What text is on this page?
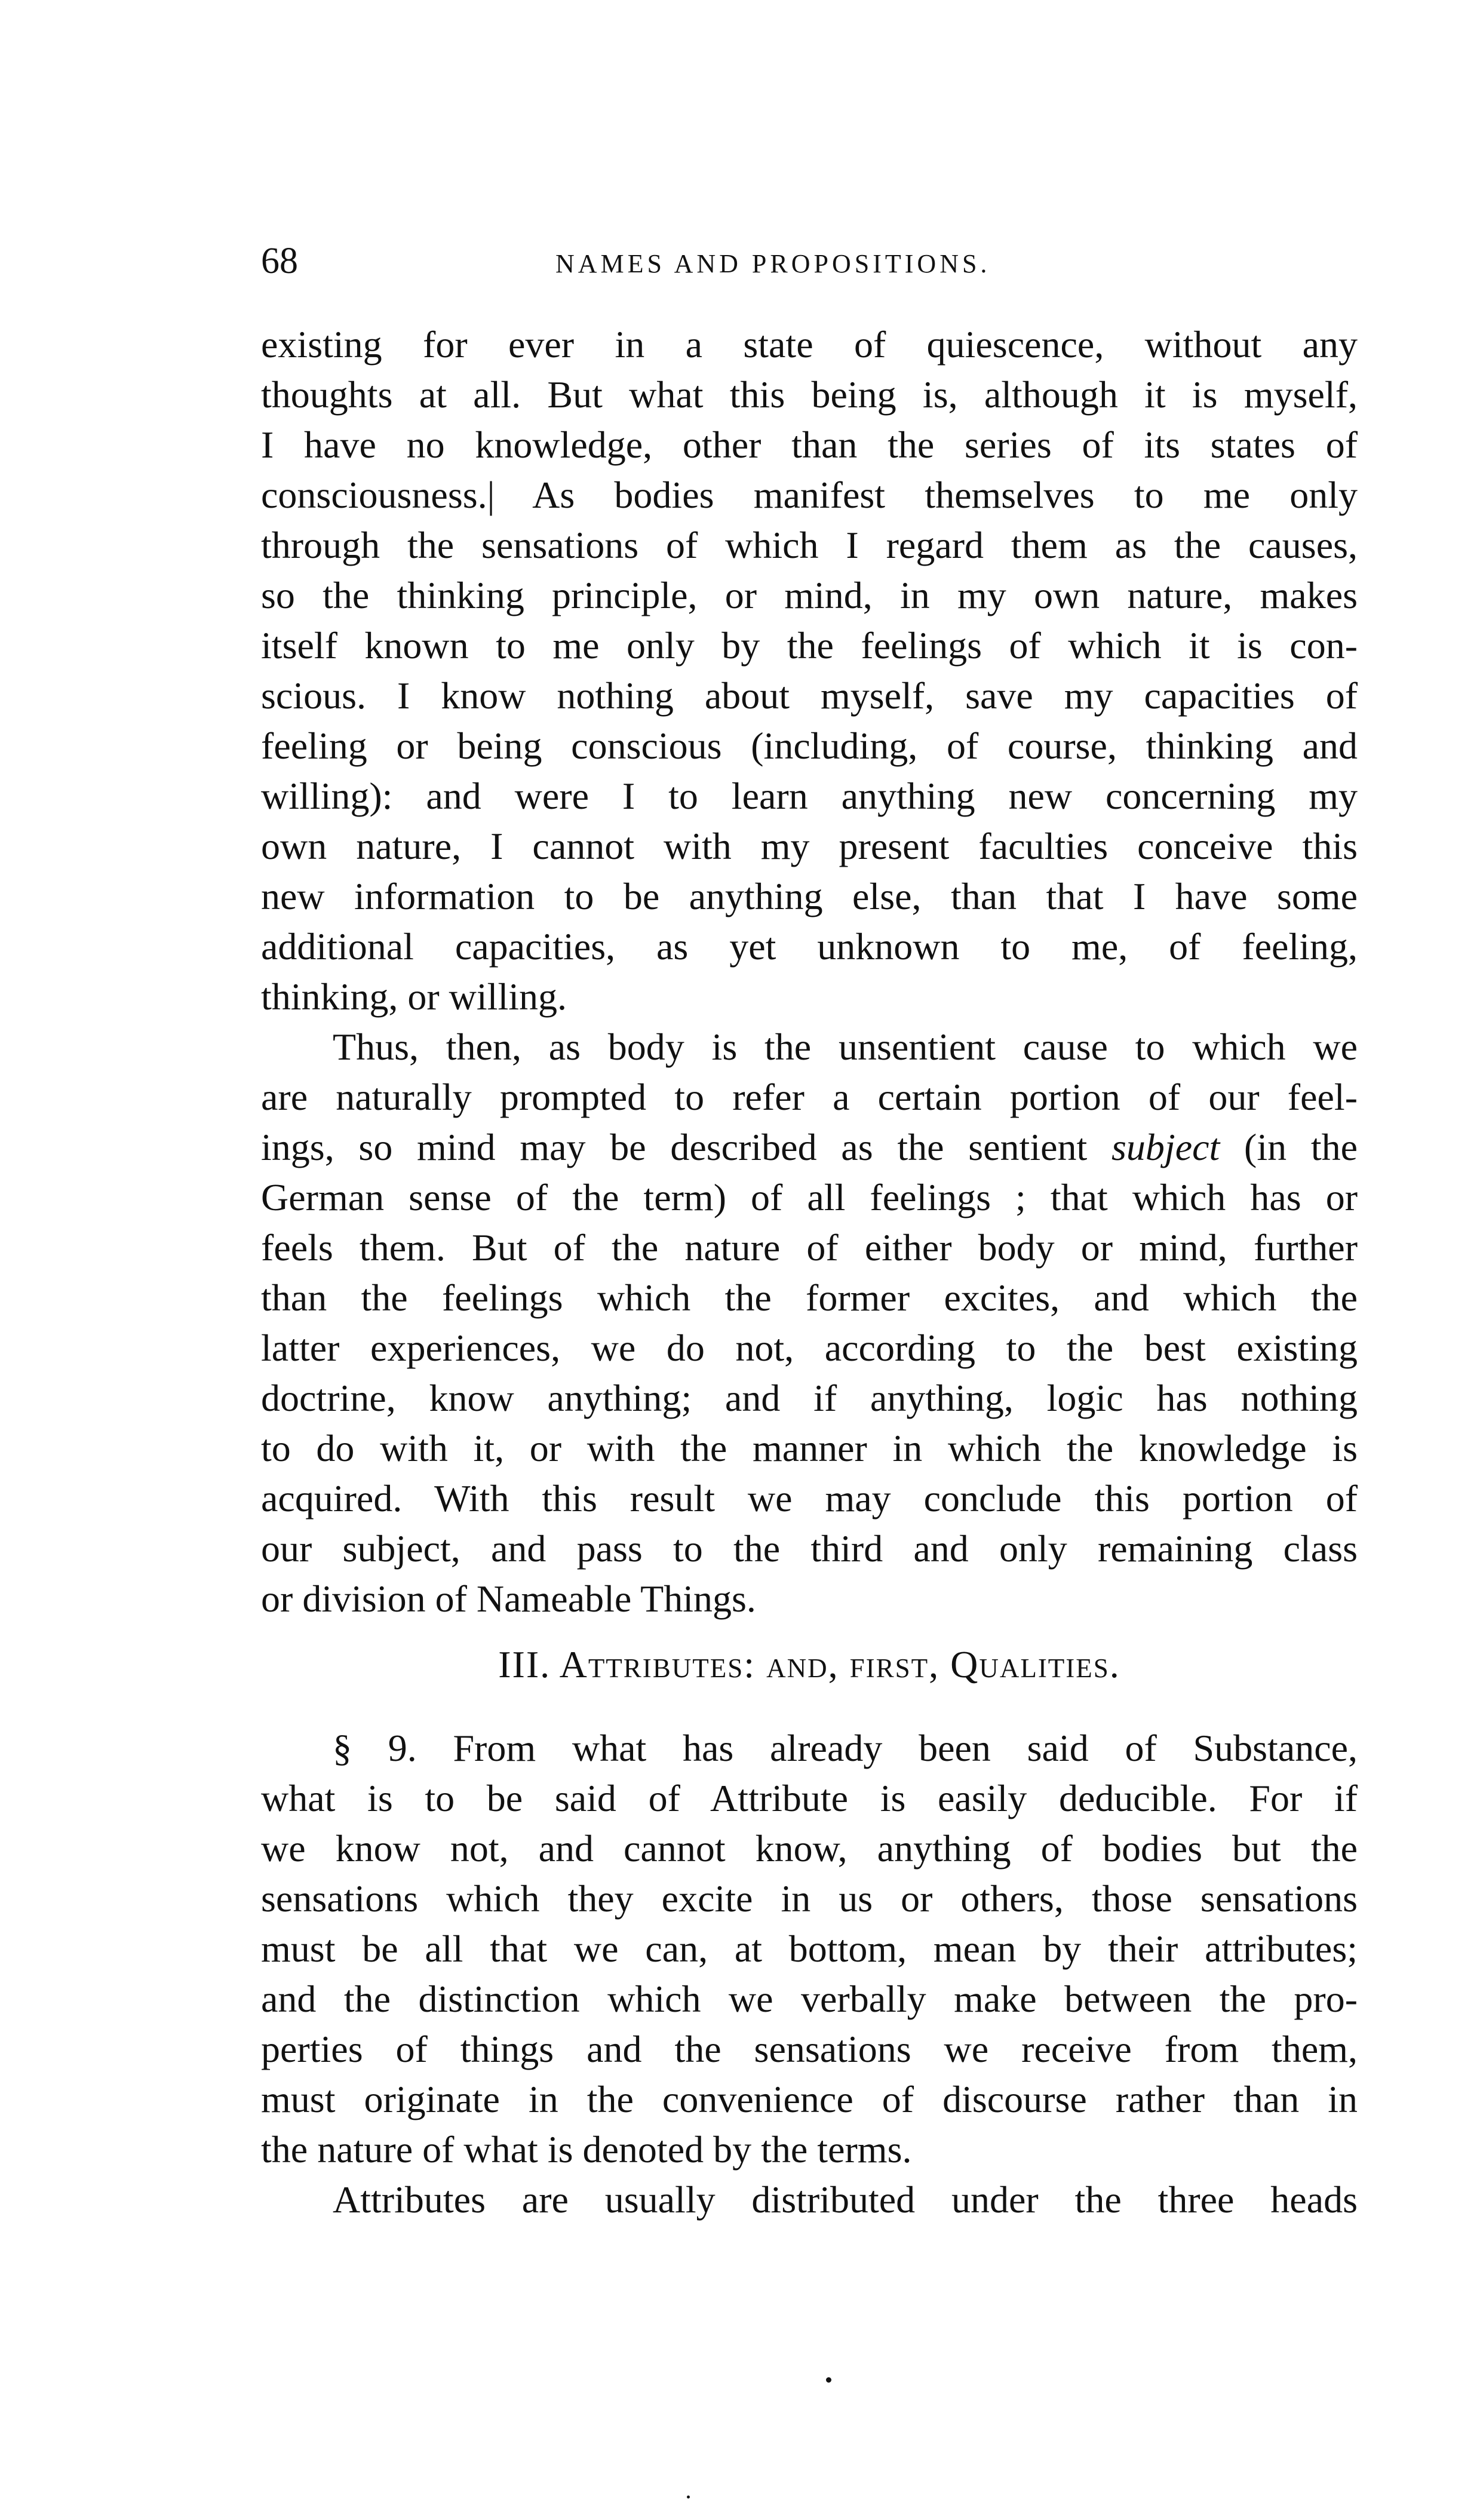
68	NAMES AND PROPOSITIONS.
existing for ever in a state of quiescence, without any
thoughts at all. But what this being is, although it is myself,
I have no knowledge, other than the series of its states of
consciousness.| As bodies manifest themselves to me only
through the sensations of which I regard them as the causes,
so the thinking principle, or mind, in my own nature, makes
itself known to me only by the feelings of which it is con-
scious. I know nothing about myself, save my capacities of
feeling or being conscious (including, of course, thinking and
willing): and were I to learn anything new concerning my
own nature, I cannot with my present faculties conceive this
new information to be anything else, than that I have some
additional capacities, as yet unknown to me, of feeling,
thinking, or willing.
Thus, then, as body is the unsentient cause to which we
are naturally prompted to refer a certain portion of our feel-
ings, so mind may be described as the sentient subject (in the
German sense of the term) of all feelings ; that which has or
feels them. But of the nature of either body or mind, further
than the feelings which the former excites, and which the
latter experiences, we do not, according to the best existing
doctrine, know anything; and if anything, logic has nothing
to do with it, or with the manner in which the knowledge is
acquired. With this result we may conclude this portion of
our subject, and pass to the third and only remaining class
or division of Nameable Things.
III. Attributes: and, first, Qualities.
§ 9. From what has already been said of Substance,
what is to be said of Attribute is easily deducible. For if
we know not, and cannot know, anything of bodies but the
sensations which they excite in us or others, those sensations
must be all that we can, at bottom, mean by their attributes;
and the distinction which we verbally make between the pro-
perties of things and the sensations we receive from them,
must originate in the convenience of discourse rather than in
the nature of what is denoted by the terms.
Attributes are usually distributed under the three heads
